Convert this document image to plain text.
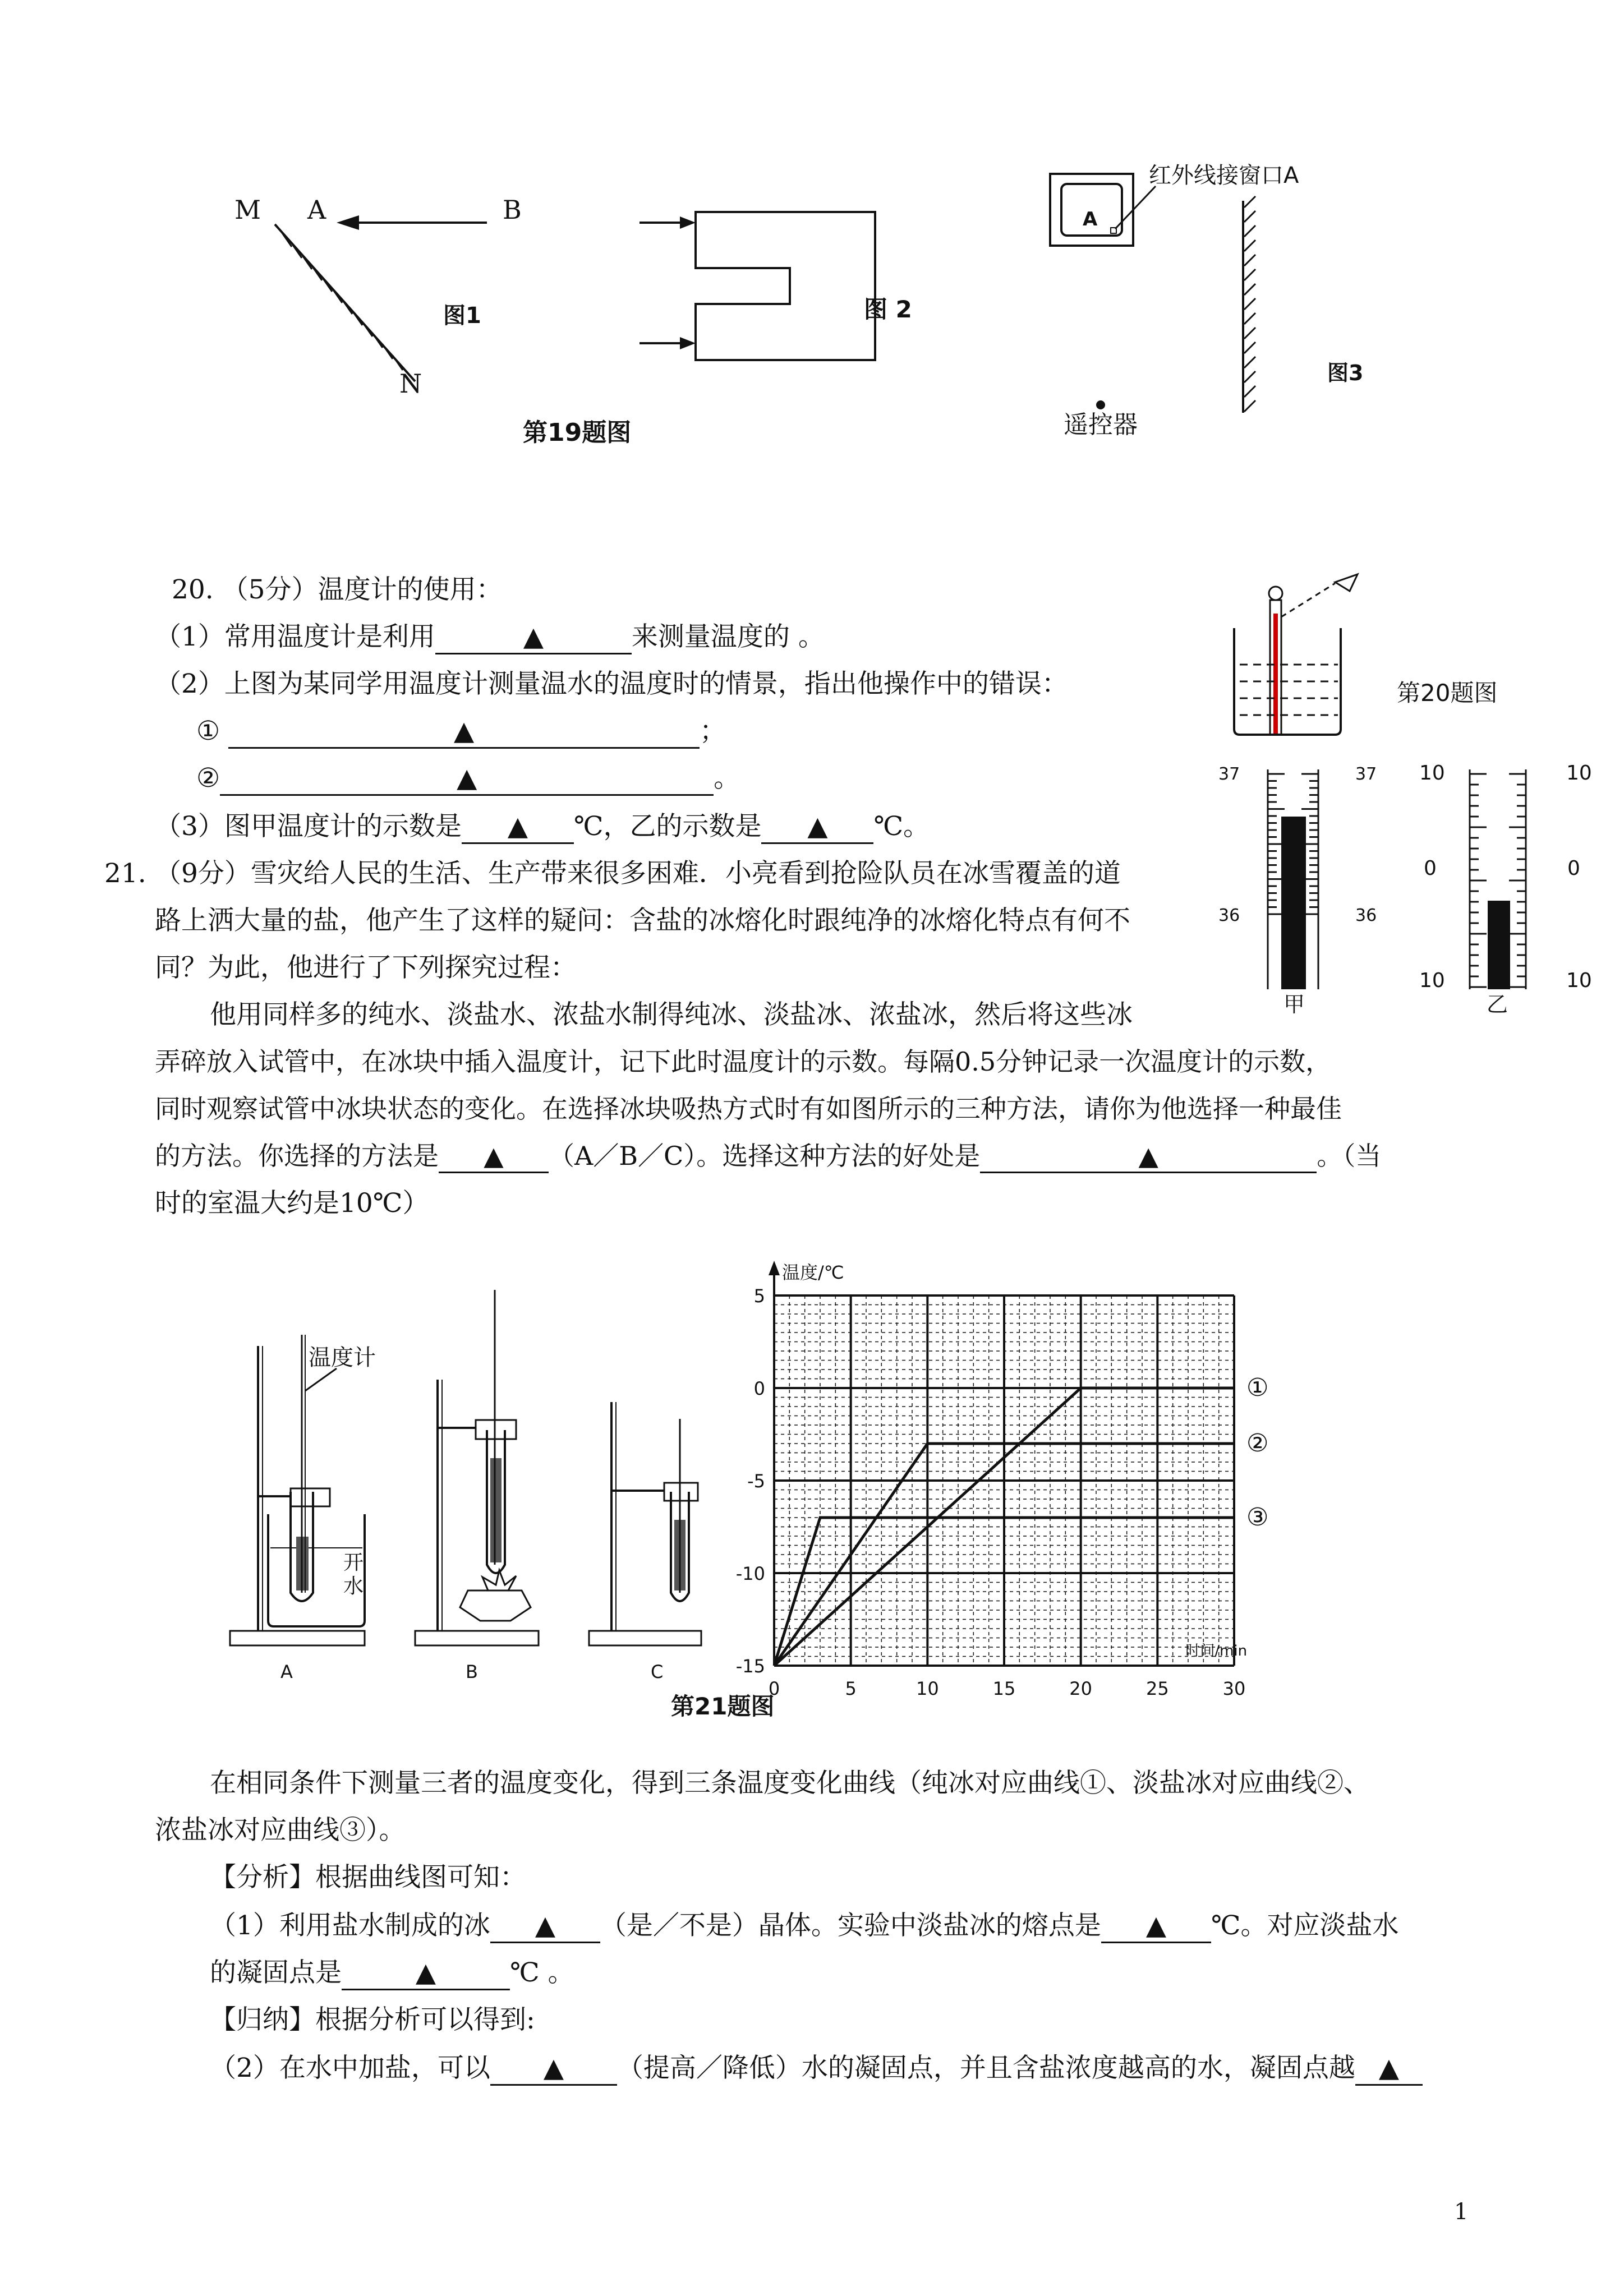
M A	B
N
图1	图 2
第19题图
A
红外线接窗口A
图3
遥控器
20. （5分）温度计的使用：
（1）常用温度计是利用	▲	来测量温度的 。
（2）上图为某同学用温度计测量温水的温度时的情景，指出他操作中的错误：
①	▲	；
②	▲	。
（3）图甲温度计的示数是 ▲ ℃，乙的示数是 ▲ ℃。
第20题图
37	37
36	36
甲
10	10
0	0
10	10
乙
21. （9分）雪灾给人民的生活、生产带来很多困难．小亮看到抢险队员在冰雪覆盖的道
路上洒大量的盐，他产生了这样的疑问：含盐的冰熔化时跟纯净的冰熔化特点有何不
同？为此，他进行了下列探究过程：
他用同样多的纯水、淡盐水、浓盐水制得纯冰、淡盐冰、浓盐冰，然后将这些冰
弄碎放入试管中，在冰块中插入温度计，记下此时温度计的示数。每隔0.5分钟记录一次温度计的示数，
同时观察试管中冰块状态的变化。在选择冰块吸热方式时有如图所示的三种方法，请你为他选择一种最佳
的方法。你选择的方法是 ▲ （A／B／C）。选择这种方法的好处是	▲	。（当
时的室温大约是10℃）
温度计
开
水
A	B	C
温度/℃
时间/min
0	5	10	15	20	25	30
5
0
-5
-10
-15
①
②
③
第21题图
在相同条件下测量三者的温度变化，得到三条温度变化曲线（纯冰对应曲线①、淡盐冰对应曲线②、
浓盐冰对应曲线③）。
【分析】根据曲线图可知：
（1）利用盐水制成的冰 ▲ （是／不是）晶体。实验中淡盐冰的熔点是 ▲ ℃。对应淡盐水
的凝固点是	▲	℃ 。
【归纳】根据分析可以得到:
（2）在水中加盐，可以 ▲ （提高／降低）水的凝固点，并且含盐浓度越高的水，凝固点越 ▲
1
